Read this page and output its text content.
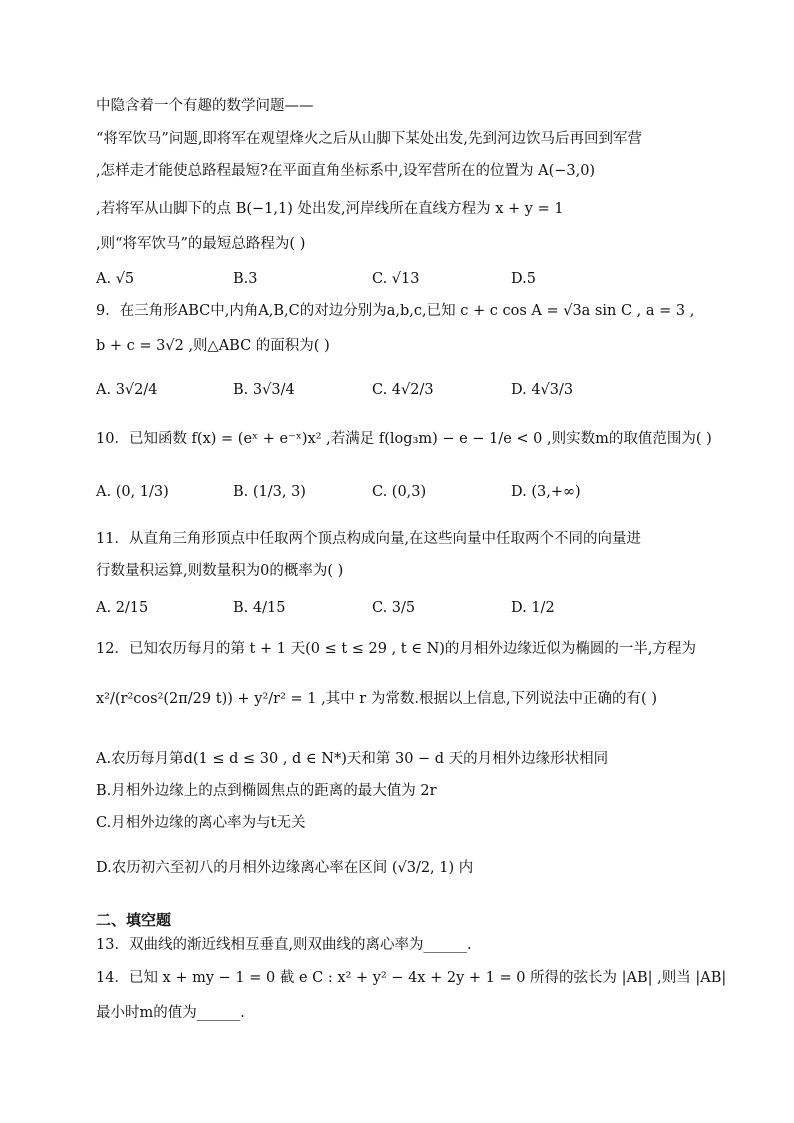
中隐含着一个有趣的数学问题——
“将军饮马”问题,即将军在观望烽火之后从山脚下某处出发,先到河边饮马后再回到军营
,怎样走才能使总路程最短?在平面直角坐标系中,设军营所在的位置为 A(−3,0)
,若将军从山脚下的点 B(−1,1) 处出发,河岸线所在直线方程为 x + y = 1
,则“将军饮马”的最短总路程为( )
A. √5	B.3	C. √13	D.5
9．在三角形ABC中,内角A,B,C的对边分别为a,b,c,已知 c + c cos A = √3a sin C , a = 3 ,
b + c = 3√2 ,则△ABC 的面积为( )
A. 3√2/4	B. 3√3/4	C. 4√2/3	D. 4√3/3
10．已知函数 f(x) = (eˣ + e⁻ˣ)x² ,若满足 f(log₃m) − e − 1/e < 0 ,则实数m的取值范围为( )
A. (0, 1/3)	B. (1/3, 3)	C. (0,3)	D. (3,+∞)
11．从直角三角形顶点中任取两个顶点构成向量,在这些向量中任取两个不同的向量进
行数量积运算,则数量积为0的概率为( )
A. 2/15	B. 4/15	C. 3/5	D. 1/2
12．已知农历每月的第 t + 1 天(0 ≤ t ≤ 29 , t ∈ N)的月相外边缘近似为椭圆的一半,方程为
x²/(r²cos²(2π/29 t)) + y²/r² = 1 ,其中 r 为常数.根据以上信息,下列说法中正确的有( )
A.农历每月第d(1 ≤ d ≤ 30 , d ∈ N*)天和第 30 − d 天的月相外边缘形状相同
B.月相外边缘上的点到椭圆焦点的距离的最大值为 2r
C.月相外边缘的离心率为与t无关
D.农历初六至初八的月相外边缘离心率在区间 (√3/2, 1) 内
二、填空题
13．双曲线的渐近线相互垂直,则双曲线的离心率为______.
14．已知 x + my − 1 = 0 截 e C : x² + y² − 4x + 2y + 1 = 0 所得的弦长为 |AB| ,则当 |AB|
最小时m的值为______.
